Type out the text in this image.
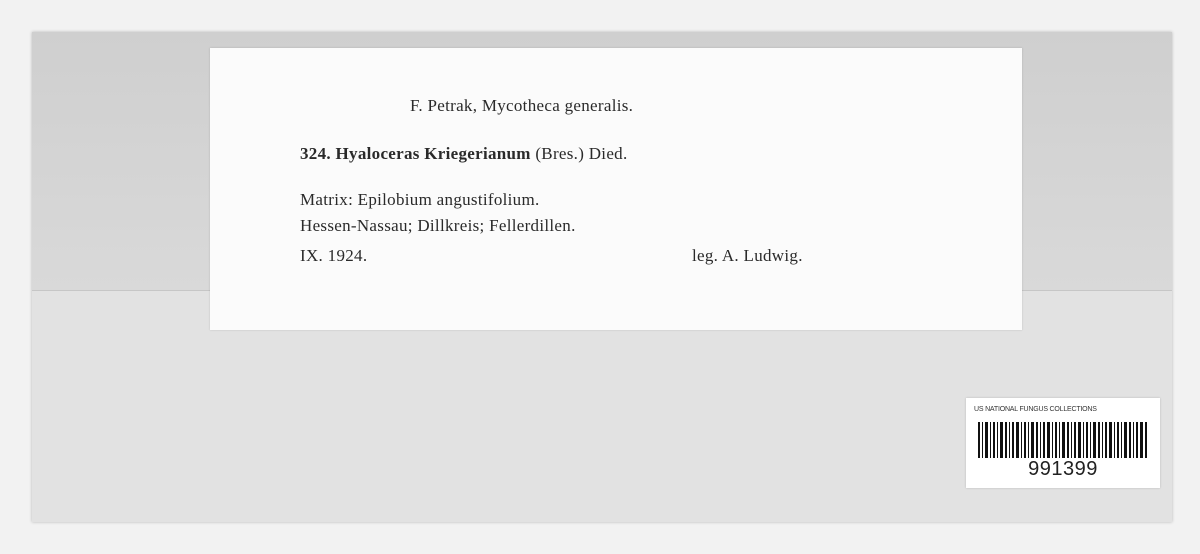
F. Petrak, Mycotheca generalis.
324. Hyaloceras Kriegerianum (Bres.) Died.
Matrix: Epilobium angustifolium.
Hessen-Nassau; Dillkreis; Fellerdillen.
IX. 1924.	leg. A. Ludwig.
US NATIONAL FUNGUS COLLECTIONS
991399
